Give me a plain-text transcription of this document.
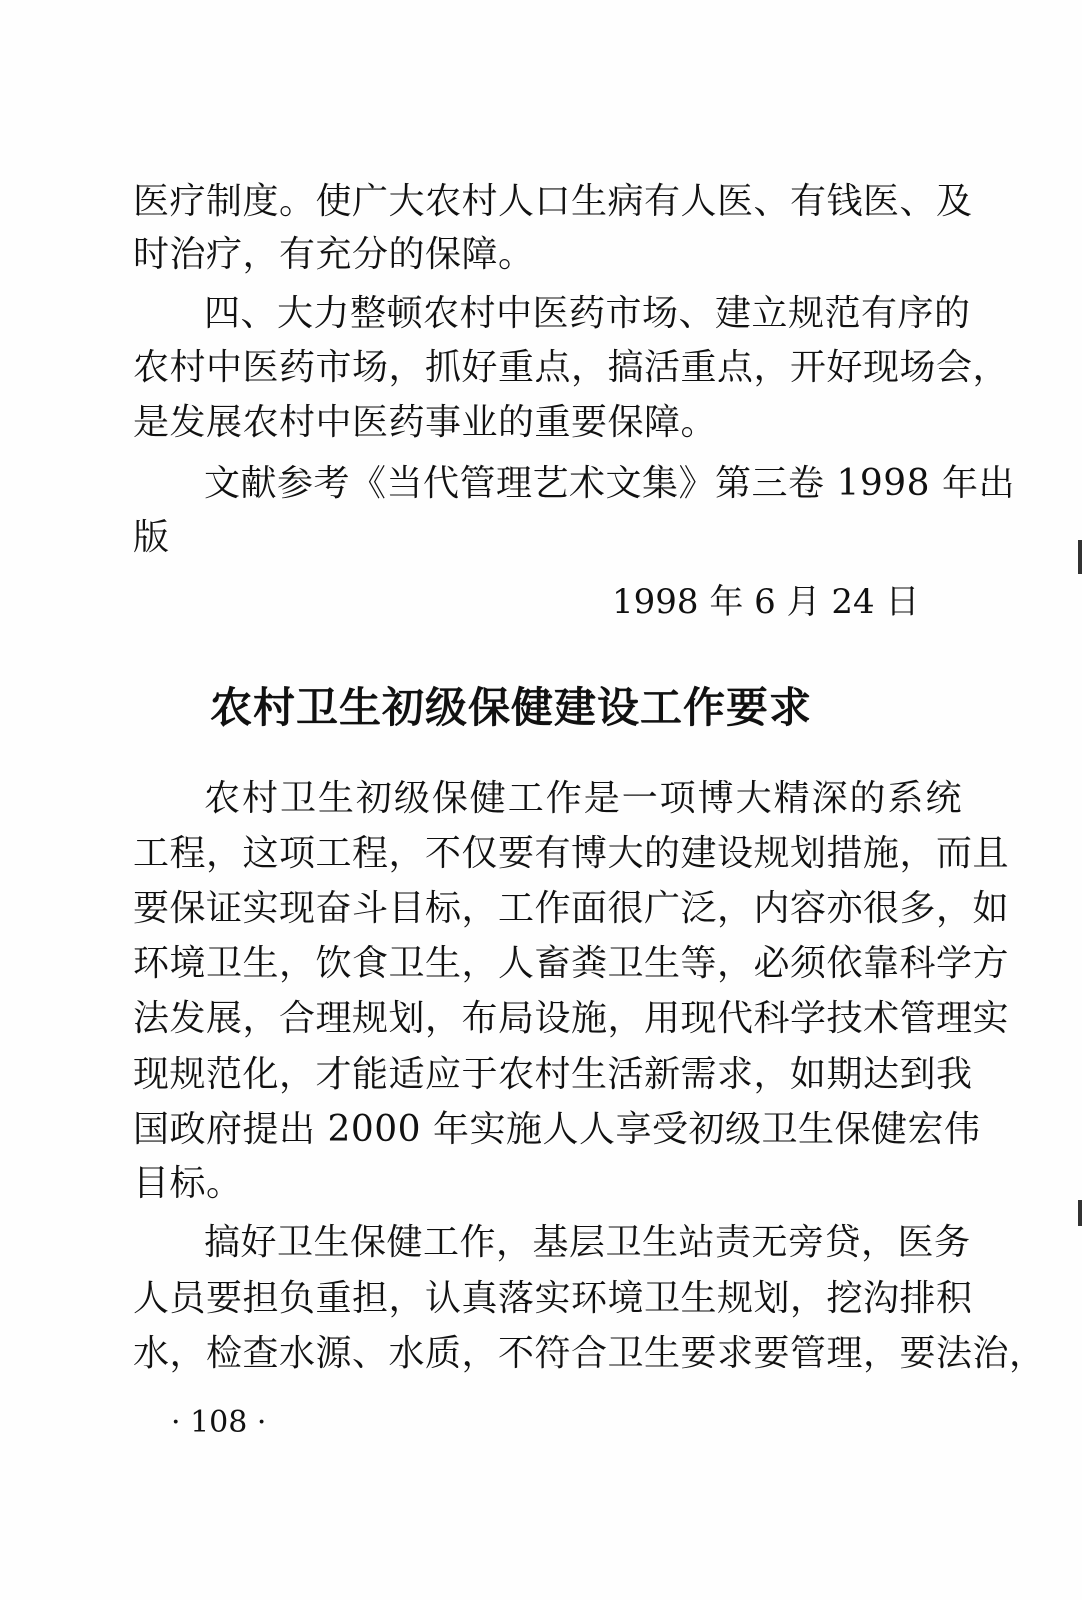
医疗制度。使广大农村人口生病有人医、有钱医、及
时治疗，有充分的保障。
四、大力整顿农村中医药市场、建立规范有序的
农村中医药市场，抓好重点，搞活重点，开好现场会，
是发展农村中医药事业的重要保障。
文献参考《当代管理艺术文集》第三卷 1998 年出
版
1998 年 6 月 24 日
农村卫生初级保健建设工作要求
农村卫生初级保健工作是一项博大精深的系统
工程，这项工程，不仅要有博大的建设规划措施，而且
要保证实现奋斗目标，工作面很广泛，内容亦很多，如
环境卫生，饮食卫生，人畜粪卫生等，必须依靠科学方
法发展，合理规划，布局设施，用现代科学技术管理实
现规范化，才能适应于农村生活新需求，如期达到我
国政府提出 2000 年实施人人享受初级卫生保健宏伟
目标。
搞好卫生保健工作，基层卫生站责无旁贷，医务
人员要担负重担，认真落实环境卫生规划，挖沟排积
水，检查水源、水质，不符合卫生要求要管理，要法治，
· 108 ·
